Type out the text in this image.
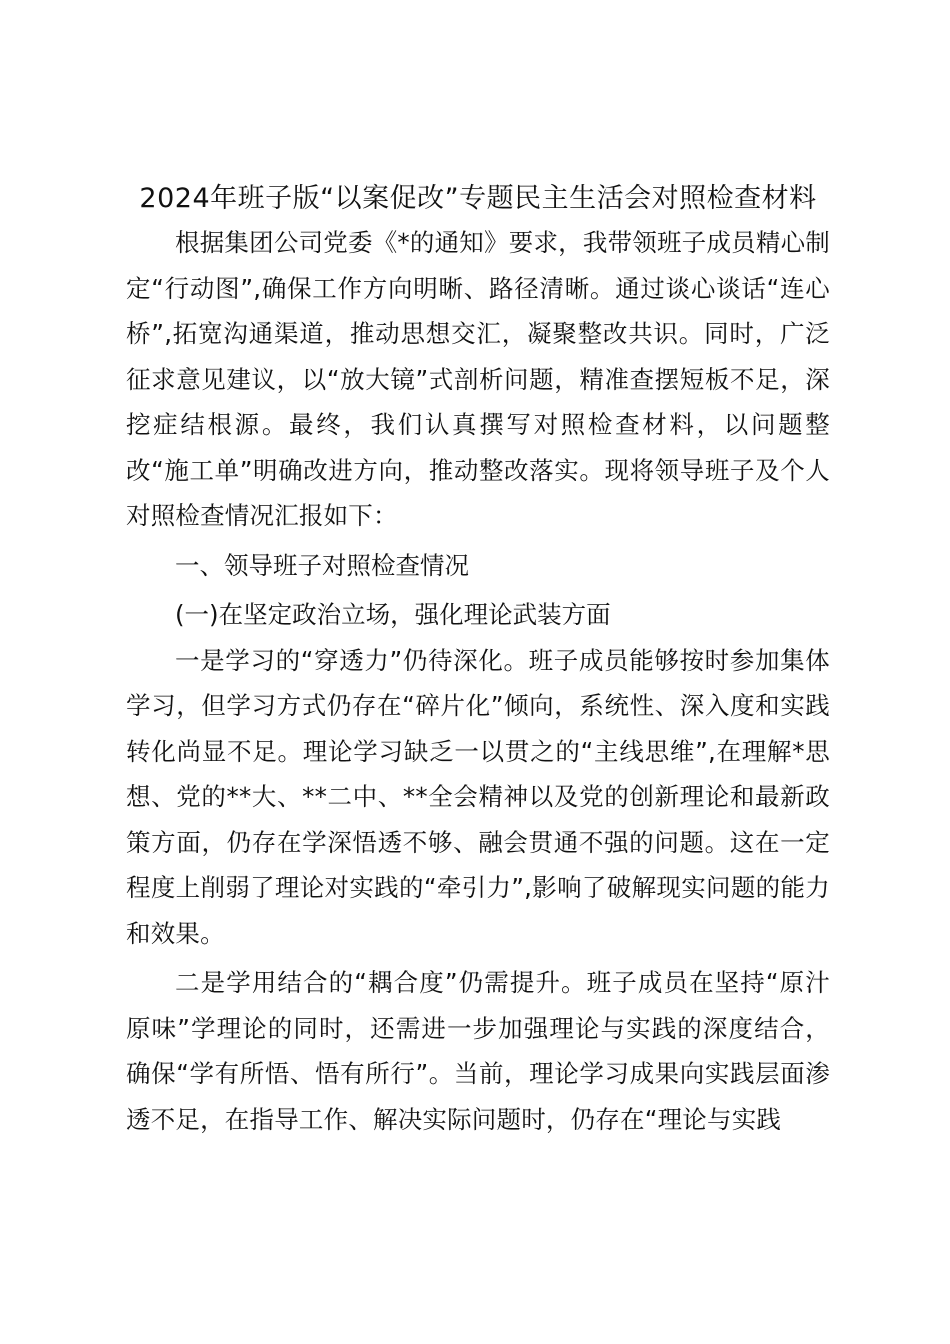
2024年班子版“以案促改”专题民主生活会对照检查材料

根据集团公司党委《*的通知》要求，我带领班子成员精心制定“行动图”,确保工作方向明晰、路径清晰。通过谈心谈话“连心桥”,拓宽沟通渠道，推动思想交汇，凝聚整改共识。同时，广泛征求意见建议，以“放大镜”式剖析问题，精准查摆短板不足，深挖症结根源。最终，我们认真撰写对照检查材料，以问题整改“施工单”明确改进方向，推动整改落实。现将领导班子及个人对照检查情况汇报如下：

一、领导班子对照检查情况

(一)在坚定政治立场，强化理论武装方面

一是学习的“穿透力”仍待深化。班子成员能够按时参加集体学习，但学习方式仍存在“碎片化”倾向，系统性、深入度和实践转化尚显不足。理论学习缺乏一以贯之的“主线思维”,在理解*思想、党的**大、**二中、**全会精神以及党的创新理论和最新政策方面，仍存在学深悟透不够、融会贯通不强的问题。这在一定程度上削弱了理论对实践的“牵引力”,影响了破解现实问题的能力和效果。

二是学用结合的“耦合度”仍需提升。班子成员在坚持“原汁原味”学理论的同时，还需进一步加强理论与实践的深度结合，确保“学有所悟、悟有所行”。当前，理论学习成果向实践层面渗透不足，在指导工作、解决实际问题时，仍存在“理论与实践
